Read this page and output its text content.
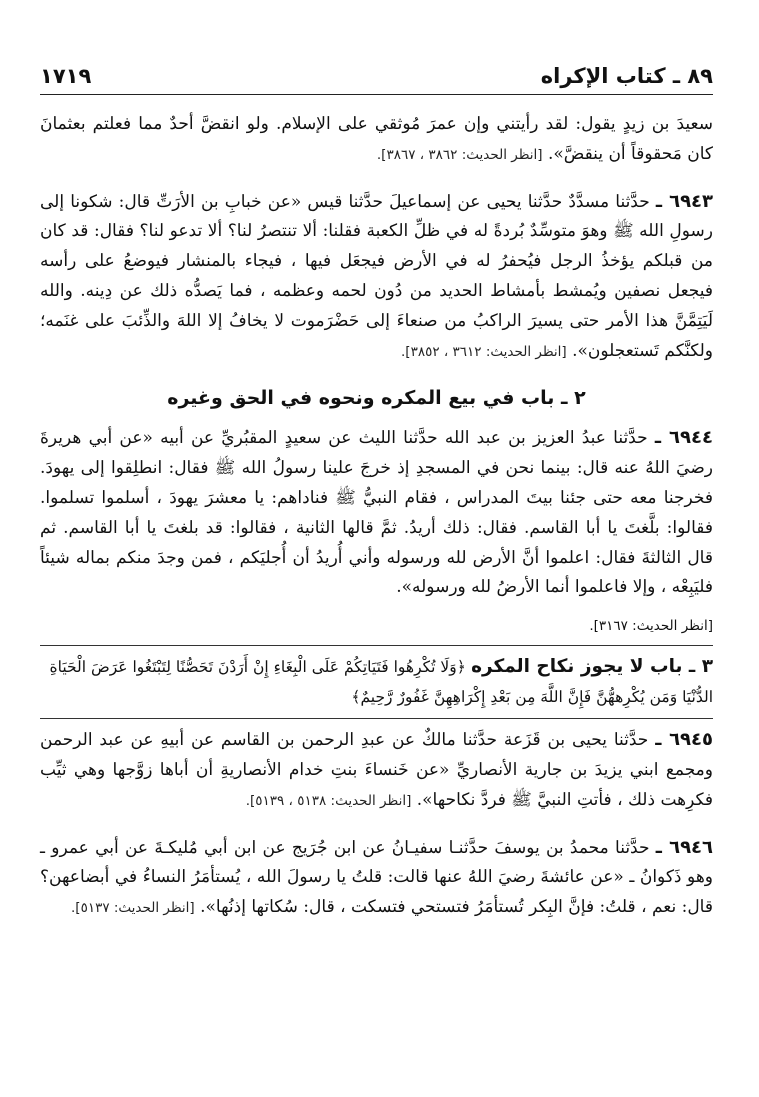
٨٩ ـ كتاب الإكراه
١٧١٩

سعيدَ بن زيدٍ يقول: لقد رأيتني وإن عمرَ مُوثقي على الإسلام. ولو انقضَّ أحدٌ مما فعلتم بعثمانَ كان مَحقوقاً أن ينقضَّ». [انظر الحديث: ٣٨٦٢ ، ٣٨٦٧].

٦٩٤٣ ـ حدَّثنا مسدَّدٌ حدَّثنا يحيى عن إسماعيلَ حدَّثنا قيس «عن خبابِ بن الأرَتِّ قال: شكونا إلى رسولِ الله ﷺ وهوَ متوسِّدٌ بُردةً له في ظلِّ الكعبة فقلنا: ألا تنتصرُ لنا؟ ألا تدعو لنا؟ فقال: قد كان من قبلكم يؤخذُ الرجل فيُحفرُ له في الأرض فيجعَل فيها ، فيجاء بالمنشار فيوضعُ على رأسه فيجعل نصفين ويُمشط بأمشاط الحديد من دُون لحمه وعظمه ، فما يَصدُّه ذلك عن دِينه. والله لَيَتِمَّنَّ هذا الأمر حتى يسيرَ الراكبُ من صنعاءَ إلى حَضْرَموت لا يخافُ إلا اللهَ والذِّئبَ على غنَمه؛ ولكنَّكم تَستعجلون». [انظر الحديث: ٣٦١٢ ، ٣٨٥٢].

٢ ـ باب في بيع المكره ونحوه في الحق وغيره

٦٩٤٤ ـ حدَّثنا عبدُ العزيز بن عبد الله حدَّثنا الليث عن سعيدٍ المقبُريِّ عن أبيه «عن أبي هريرةَ رضيَ اللهُ عنه قال: بينما نحن في المسجدِ إذ خرجَ علينا رسولُ الله ﷺ فقال: انطلِقوا إلى يهودَ. فخرجنا معه حتى جئنا بيتَ المدراس ، فقام النبيُّ ﷺ فناداهم: يا معشرَ يهودَ ، أسلموا تسلموا. فقالوا: بلَّغتَ يا أبا القاسم. فقال: ذلك أريدُ. ثمَّ قالها الثانية ، فقالوا: قد بلغتَ يا أبا القاسم. ثم قال الثالثةَ فقال: اعلموا أنَّ الأرض لله ورسوله وأني أُريدُ أن أُجليَكم ، فمن وجدَ منكم بماله شيئاً فليَبِعْه ، وإلا فاعلموا أنما الأرضُ لله ورسوله».

[انظر الحديث: ٣١٦٧].

٣ ـ باب لا يجوز نكاح المكره ﴿وَلَا تُكْرِهُوا فَتَيَاتِكُمْ عَلَى الْبِغَاءِ إِنْ أَرَدْنَ تَحَصُّنًا لِتَبْتَغُوا عَرَضَ الْحَيَاةِ الدُّنْيَا وَمَن يُكْرِههُّنَّ فَإِنَّ اللَّهَ مِن بَعْدِ إِكْرَاهِهِنَّ غَفُورٌ رَّحِيمٌ﴾

٦٩٤٥ ـ حدَّثنا يحيى بن قَزَعة حدَّثنا مالكٌ عن عبدِ الرحمن بن القاسم عن أبيهِ عن عبد الرحمن ومجمع ابني يزيدَ بن جارية الأنصاريِّ «عن خَنساءَ بنتِ خدام الأنصاريةِ أن أباها زوَّجها وهي ثيِّب فكرِهت ذلك ، فأتتِ النبيَّ ﷺ فردَّ نكاحها». [انظر الحديث: ٥١٣٨ ، ٥١٣٩].

٦٩٤٦ ـ حدَّثنا محمدُ بن يوسفَ حدَّثنـا سفيـانُ عن ابن جُرَيج عن ابن أبي مُليكـةَ عن أبي عمرو ـ وهو ذَكوانُ ـ «عن عائشةَ رضيَ اللهُ عنها قالت: قلتُ يا رسولَ الله ، يُستأمَرُ النساءُ في أبضاعهن؟ قال: نعم ، قلتُ: فإنَّ البِكر تُستأمَرُ فتستحي فتسكت ، قال: سُكاتها إذنُها». [انظر الحديث: ٥١٣٧].
